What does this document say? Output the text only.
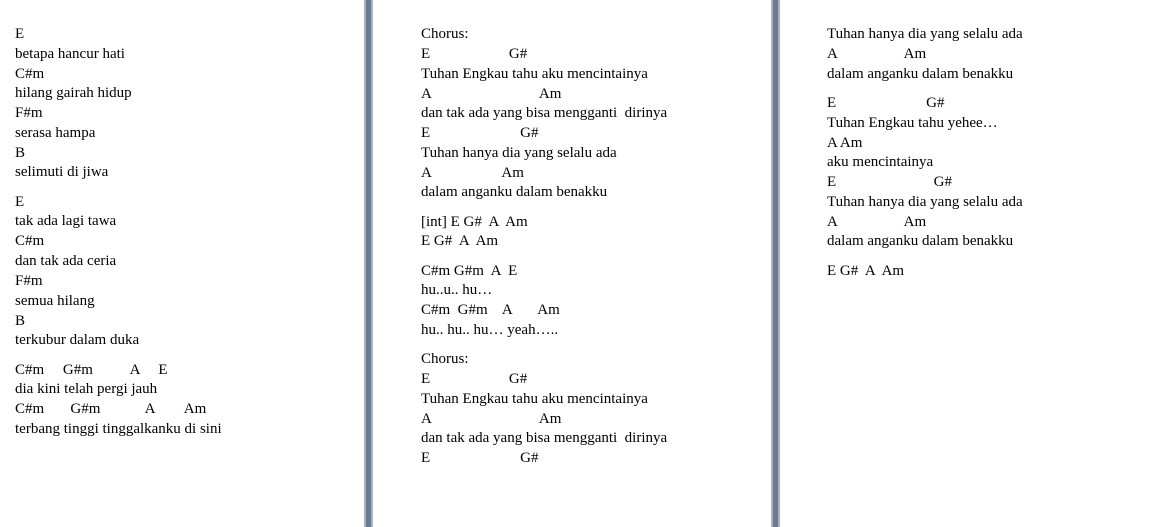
E
betapa hancur hati
C#m
hilang gairah hidup
F#m
serasa hampa
B
selimuti di jiwa
E
tak ada lagi tawa
C#m
dan tak ada ceria
F#m
semua hilang
B
terkubur dalam duka
C#m     G#m          A     E
dia kini telah pergi jauh
C#m       G#m            A        Am
terbang tinggi tinggalkanku di sini
Chorus:
E                     G#
Tuhan Engkau tahu aku mencintainya
A                             Am
dan tak ada yang bisa mengganti  dirinya
E                        G#
Tuhan hanya dia yang selalu ada
A                   Am
dalam anganku dalam benakku
[int] E G#  A  Am
E G#  A  Am
C#m G#m  A  E
hu..u.. hu…
C#m  G#m    A       Am
hu.. hu.. hu… yeah…..
Chorus:
E                     G#
Tuhan Engkau tahu aku mencintainya
A                             Am
dan tak ada yang bisa mengganti  dirinya
E                        G#
Tuhan hanya dia yang selalu ada
A                  Am
dalam anganku dalam benakku
E                        G#
Tuhan Engkau tahu yehee…
A Am
aku mencintainya
E                          G#
Tuhan hanya dia yang selalu ada
A                  Am
dalam anganku dalam benakku
E G#  A  Am
